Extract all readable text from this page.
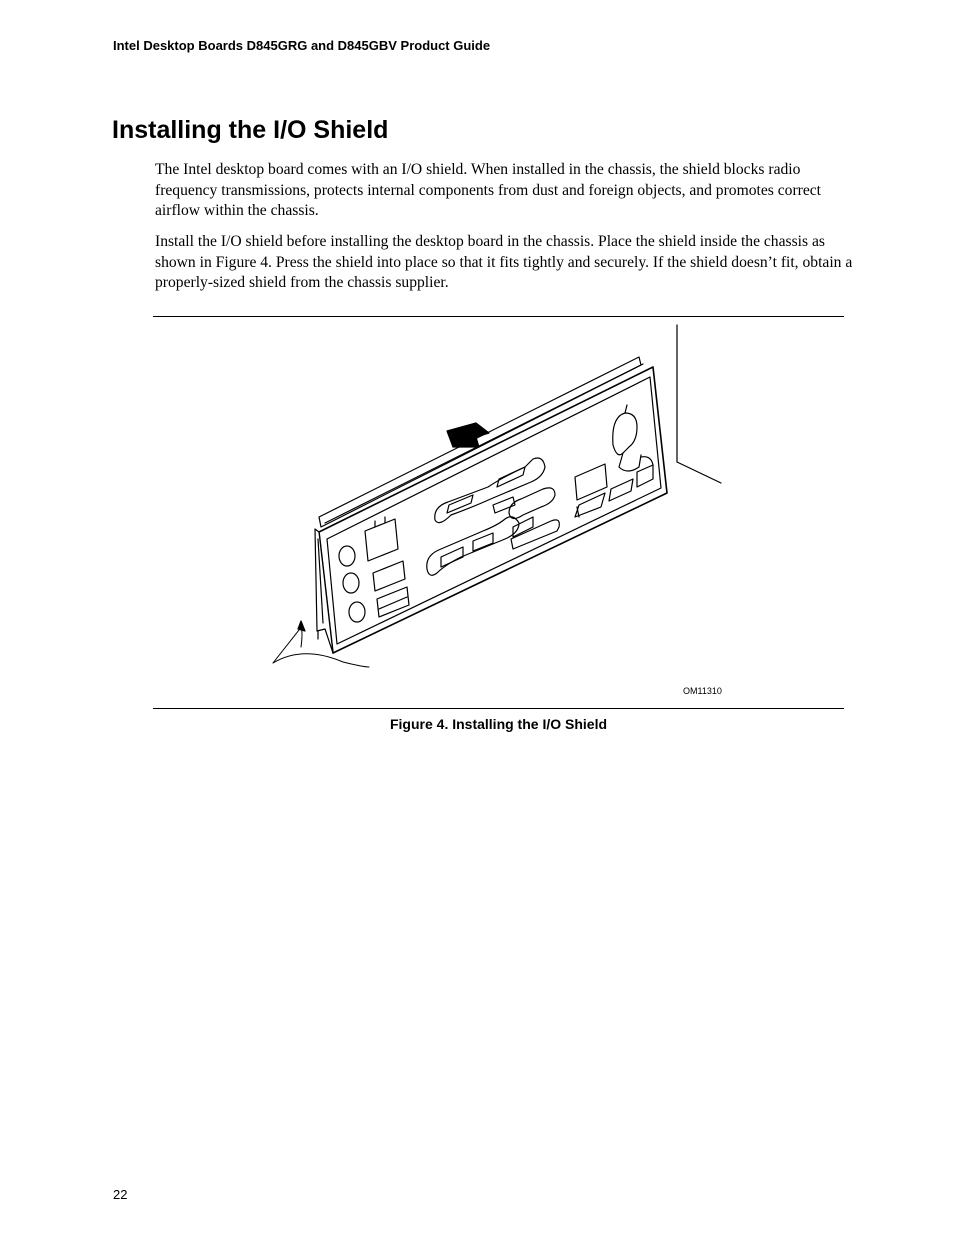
Intel Desktop Boards D845GRG and D845GBV Product Guide
Installing the I/O Shield

The Intel desktop board comes with an I/O shield. When installed in the chassis, the shield blocks radio frequency transmissions, protects internal components from dust and foreign objects, and promotes correct airflow within the chassis.

Install the I/O shield before installing the desktop board in the chassis. Place the shield inside the chassis as shown in Figure 4. Press the shield into place so that it fits tightly and securely. If the shield doesn’t fit, obtain a properly-sized shield from the chassis supplier.

OM11310
Figure 4. Installing the I/O Shield
22
